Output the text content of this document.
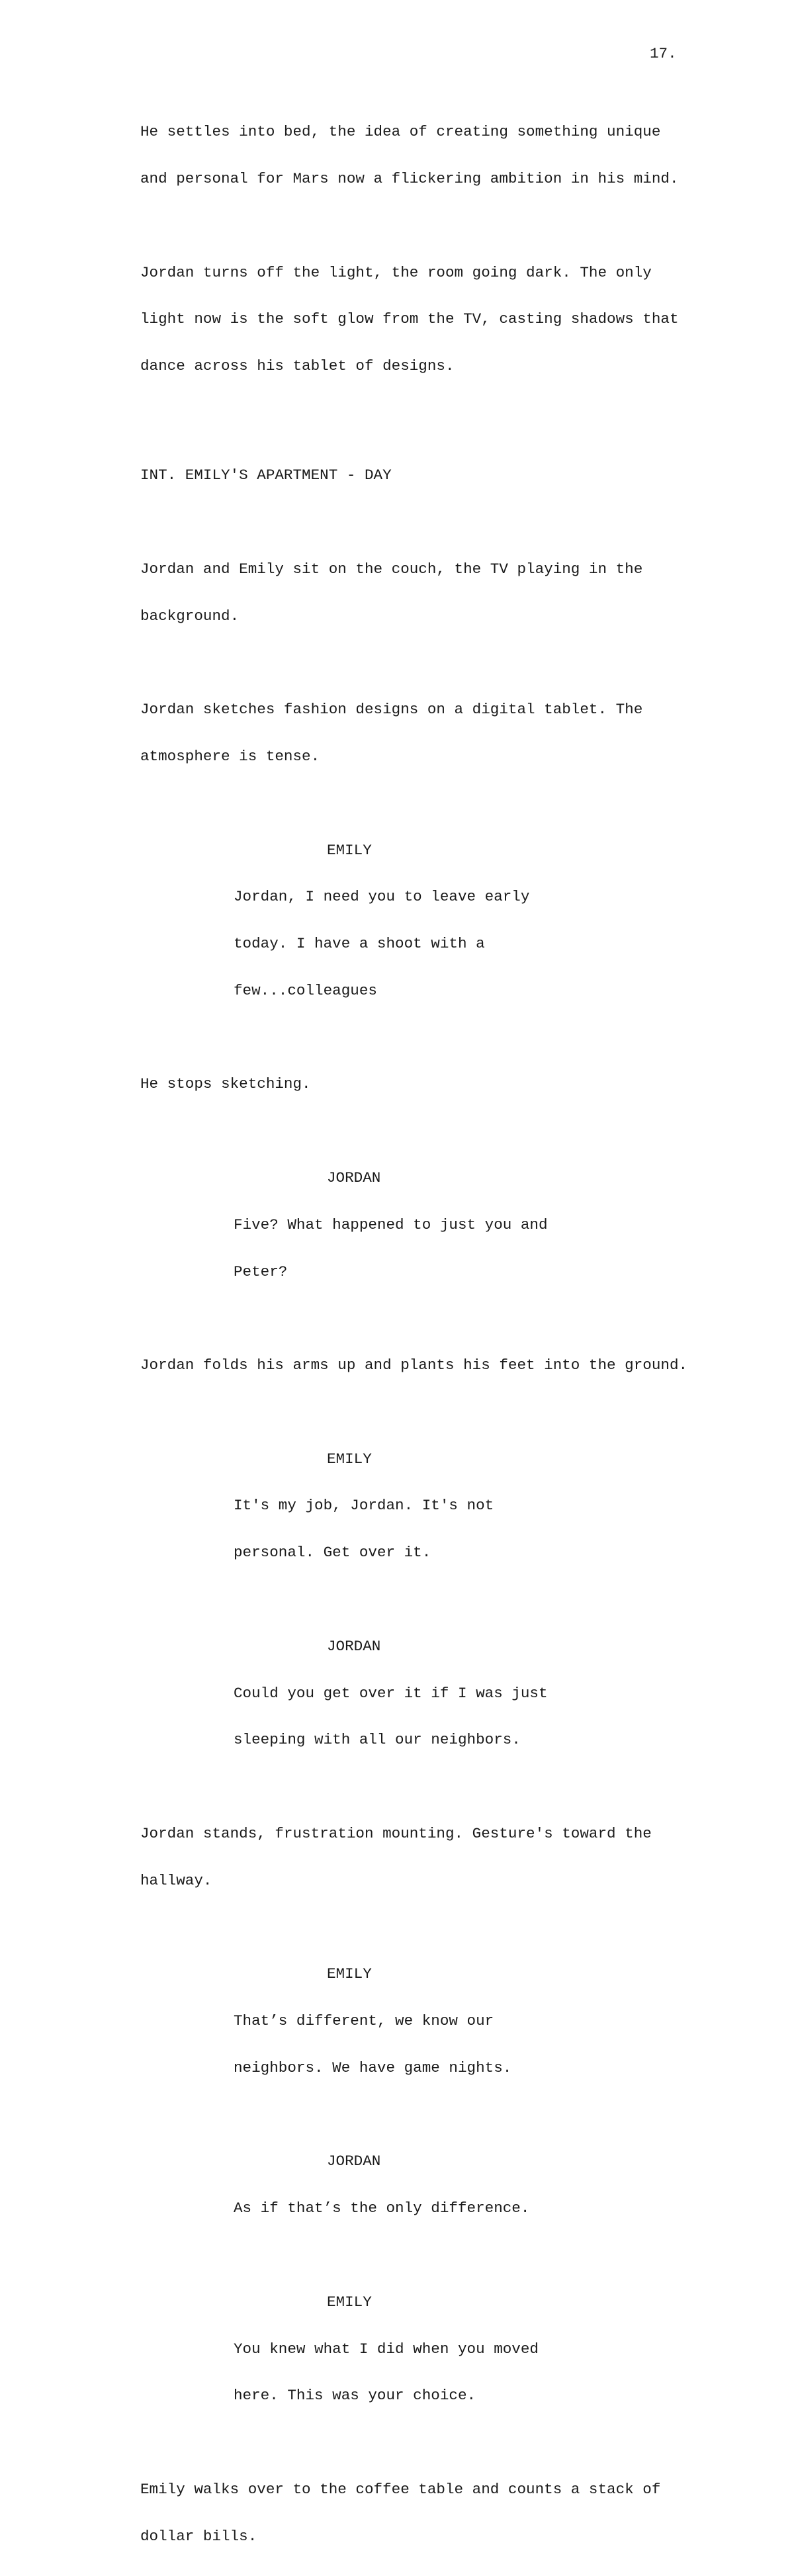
17.

He settles into bed, the idea of creating something unique

and personal for Mars now a flickering ambition in his mind.

Jordan turns off the light, the room going dark. The only

light now is the soft glow from the TV, casting shadows that

dance across his tablet of designs.

INT. EMILY'S APARTMENT - DAY

Jordan and Emily sit on the couch, the TV playing in the

background.

Jordan sketches fashion designs on a digital tablet. The

atmosphere is tense.

EMILY

Jordan, I need you to leave early

today. I have a shoot with a

few...colleagues

He stops sketching.

JORDAN

Five? What happened to just you and

Peter?

Jordan folds his arms up and plants his feet into the ground.

EMILY

It's my job, Jordan. It's not

personal. Get over it.

JORDAN

Could you get over it if I was just

sleeping with all our neighbors.

Jordan stands, frustration mounting. Gesture's toward the

hallway.

EMILY

That’s different, we know our

neighbors. We have game nights.

JORDAN

As if that’s the only difference.

EMILY

You knew what I did when you moved

here. This was your choice.

Emily walks over to the coffee table and counts a stack of

dollar bills.
